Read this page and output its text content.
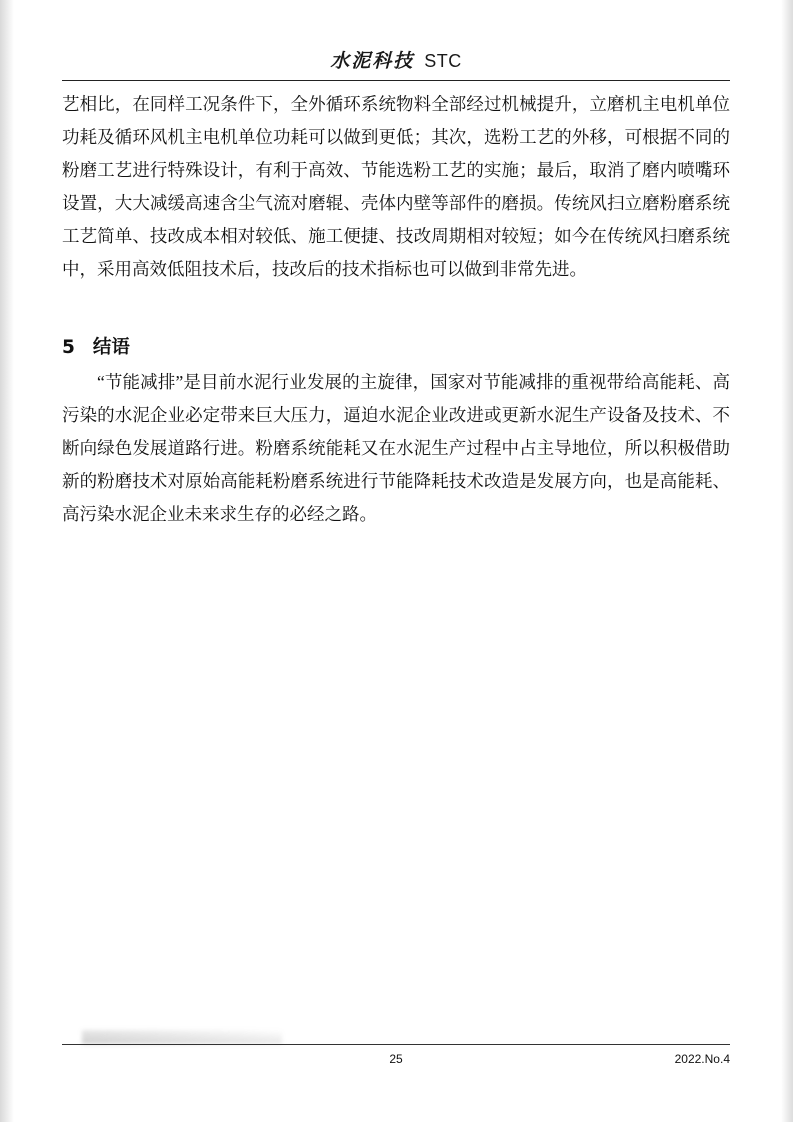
水泥科技 STC
艺相比，在同样工况条件下，全外循环系统物料全部经过机械提升，立磨机主电机单位功耗及循环风机主电机单位功耗可以做到更低；其次，选粉工艺的外移，可根据不同的粉磨工艺进行特殊设计，有利于高效、节能选粉工艺的实施；最后，取消了磨内喷嘴环设置，大大减缓高速含尘气流对磨辊、壳体内壁等部件的磨损。传统风扫立磨粉磨系统工艺简单、技改成本相对较低、施工便捷、技改周期相对较短；如今在传统风扫磨系统中，采用高效低阻技术后，技改后的技术指标也可以做到非常先进。
5 结语
“节能减排”是目前水泥行业发展的主旋律，国家对节能减排的重视带给高能耗、高污染的水泥企业必定带来巨大压力，逼迫水泥企业改进或更新水泥生产设备及技术、不断向绿色发展道路行进。粉磨系统能耗又在水泥生产过程中占主导地位，所以积极借助新的粉磨技术对原始高能耗粉磨系统进行节能降耗技术改造是发展方向，也是高能耗、高污染水泥企业未来求生存的必经之路。
25	2022.No.4
